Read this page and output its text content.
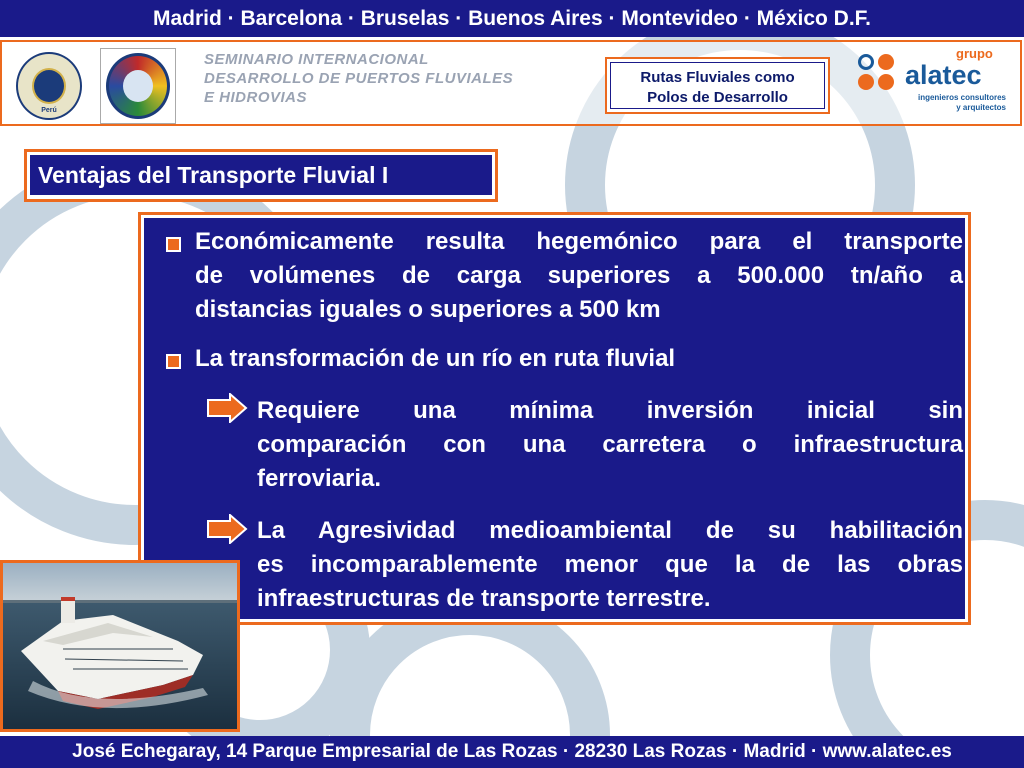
Madrid · Barcelona · Bruselas · Buenos Aires · Montevideo · México D.F.
Perú
SEMINARIO INTERNACIONAL
DESARROLLO DE PUERTOS FLUVIALES
E HIDROVIAS
Rutas Fluviales como
Polos de Desarrollo
grupo
alatec
ingenieros consultores
y arquitectos
Ventajas del Transporte Fluvial I
Económicamente resulta hegemónico para el transporte
de volúmenes de carga superiores a 500.000 tn/año a
distancias iguales o superiores a 500 km
La transformación de un río en ruta fluvial
Requiere una mínima inversión inicial sin
comparación con una carretera o infraestructura
ferroviaria.
La Agresividad medioambiental de su habilitación
es incomparablemente menor que la de las obras
infraestructuras de transporte terrestre.
José Echegaray, 14 Parque Empresarial de Las Rozas · 28230 Las Rozas · Madrid · www.alatec.es
